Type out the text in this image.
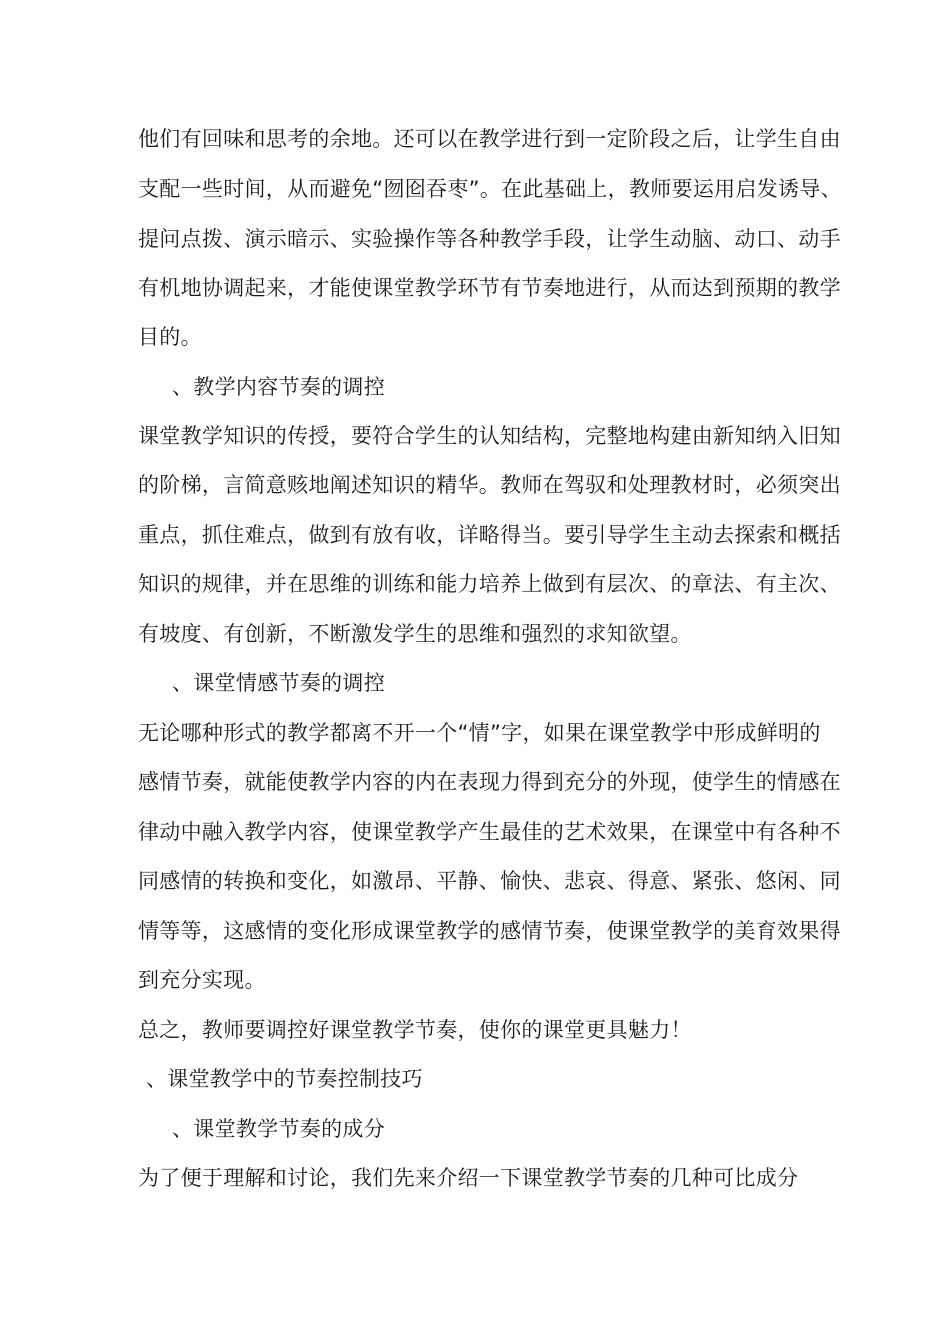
他们有回味和思考的余地。还可以在教学进行到一定阶段之后，让学生自由
支配一些时间，从而避免“囫囵吞枣”。在此基础上，教师要运用启发诱导、
提问点拨、演示暗示、实验操作等各种教学手段，让学生动脑、动口、动手
有机地协调起来，才能使课堂教学环节有节奏地进行，从而达到预期的教学
目的。
、教学内容节奏的调控
课堂教学知识的传授，要符合学生的认知结构，完整地构建由新知纳入旧知
的阶梯，言简意赅地阐述知识的精华。教师在驾驭和处理教材时，必须突出
重点，抓住难点，做到有放有收，详略得当。要引导学生主动去探索和概括
知识的规律，并在思维的训练和能力培养上做到有层次、的章法、有主次、
有坡度、有创新，不断激发学生的思维和强烈的求知欲望。
、课堂情感节奏的调控
无论哪种形式的教学都离不开一个“情”字，如果在课堂教学中形成鲜明的
感情节奏，就能使教学内容的内在表现力得到充分的外现，使学生的情感在
律动中融入教学内容，使课堂教学产生最佳的艺术效果，在课堂中有各种不
同感情的转换和变化，如激昂、平静、愉快、悲哀、得意、紧张、悠闲、同
情等等，这感情的变化形成课堂教学的感情节奏，使课堂教学的美育效果得
到充分实现。
总之，教师要调控好课堂教学节奏，使你的课堂更具魅力！
、课堂教学中的节奏控制技巧
、课堂教学节奏的成分
为了便于理解和讨论，我们先来介绍一下课堂教学节奏的几种可比成分
